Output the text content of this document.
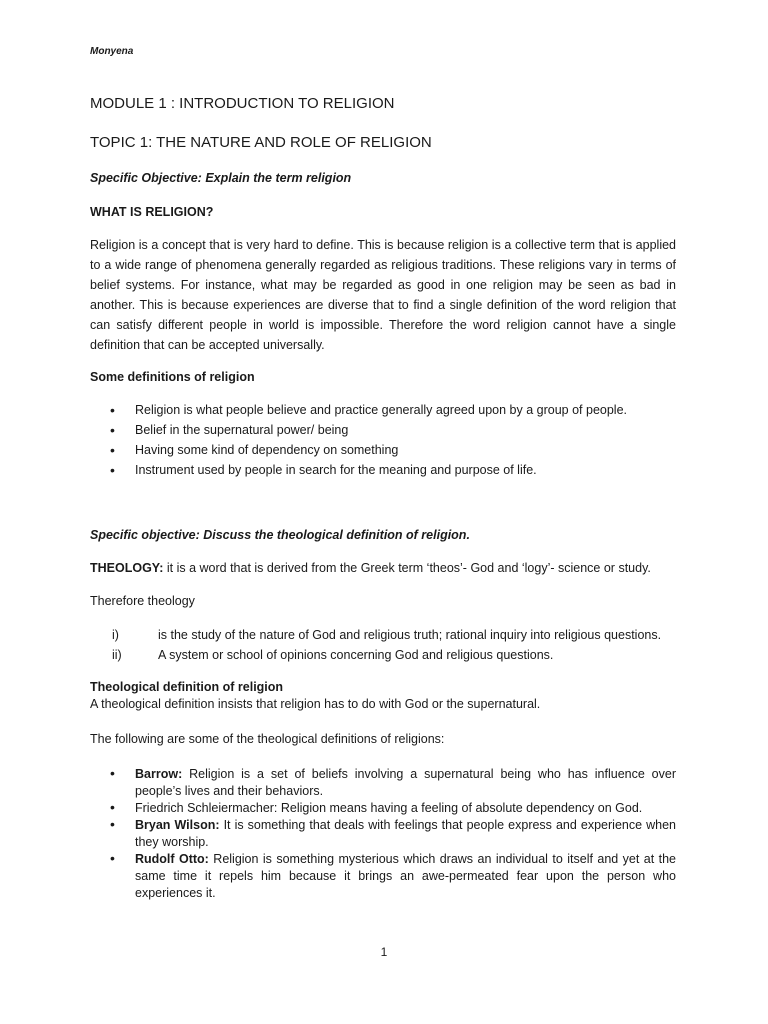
Monyena
MODULE 1 : INTRODUCTION TO RELIGION
TOPIC 1: THE NATURE AND ROLE OF RELIGION
Specific Objective: Explain the term religion
WHAT IS RELIGION?
Religion is a concept that is very hard to define. This is because religion is a collective term that is applied to a wide range of phenomena generally regarded as religious traditions. These religions vary in terms of belief systems. For instance, what may be regarded as good in one religion may be seen as bad in another. This is because experiences are diverse that to find a single definition of the word religion that can satisfy different people in world is impossible. Therefore the word religion cannot have a single definition that can be accepted universally.
Some definitions of religion
• Religion is what people believe and practice generally agreed upon by a group of people.
• Belief in the supernatural power/ being
• Having some kind of dependency on something
• Instrument used by people in search for the meaning and purpose of life.
Specific objective: Discuss the theological definition of religion.
THEOLOGY: it is a word that is derived from the Greek term ‘theos’- God and ‘logy’- science or study.
Therefore theology
i)	is the study of the nature of God and religious truth; rational inquiry into religious questions.
ii)	A system or school of opinions concerning God and religious questions.
Theological definition of religion
A theological definition insists that religion has to do with God or the supernatural.
The following are some of the theological definitions of religions:
• Barrow: Religion is a set of beliefs involving a supernatural being who has influence over people’s lives and their behaviors.
• Friedrich Schleiermacher: Religion means having a feeling of absolute dependency on God.
• Bryan Wilson: It is something that deals with feelings that people express and experience when they worship.
• Rudolf Otto: Religion is something mysterious which draws an individual to itself and yet at the same time it repels him because it brings an awe-permeated fear upon the person who experiences it.
1
